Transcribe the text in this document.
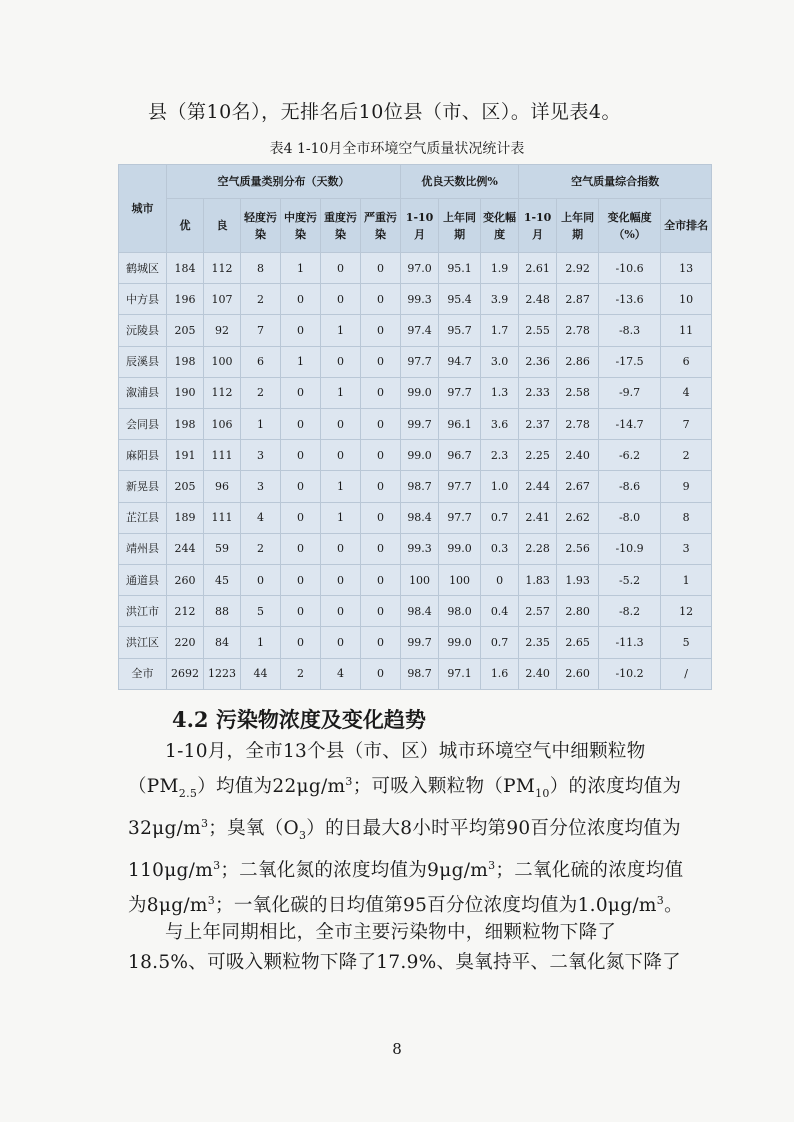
县（第10名），无排名后10位县（市、区）。详见表4。
表4 1-10月全市环境空气质量状况统计表
城市	空气质量类别分布（天数）						优良天数比例%			空气质量综合指数			
	优	良	轻度污染	中度污染	重度污染	严重污染	1-10月	上年同期	变化幅度	1-10月	上年同期	变化幅度（%）	全市排名
鹤城区	184	112	8	1	0	0	97.0	95.1	1.9	2.61	2.92	-10.6	13
中方县	196	107	2	0	0	0	99.3	95.4	3.9	2.48	2.87	-13.6	10
沅陵县	205	92	7	0	1	0	97.4	95.7	1.7	2.55	2.78	-8.3	11
辰溪县	198	100	6	1	0	0	97.7	94.7	3.0	2.36	2.86	-17.5	6
溆浦县	190	112	2	0	1	0	99.0	97.7	1.3	2.33	2.58	-9.7	4
会同县	198	106	1	0	0	0	99.7	96.1	3.6	2.37	2.78	-14.7	7
麻阳县	191	111	3	0	0	0	99.0	96.7	2.3	2.25	2.40	-6.2	2
新晃县	205	96	3	0	1	0	98.7	97.7	1.0	2.44	2.67	-8.6	9
芷江县	189	111	4	0	1	0	98.4	97.7	0.7	2.41	2.62	-8.0	8
靖州县	244	59	2	0	0	0	99.3	99.0	0.3	2.28	2.56	-10.9	3
通道县	260	45	0	0	0	0	100	100	0	1.83	1.93	-5.2	1
洪江市	212	88	5	0	0	0	98.4	98.0	0.4	2.57	2.80	-8.2	12
洪江区	220	84	1	0	0	0	99.7	99.0	0.7	2.35	2.65	-11.3	5
全市	2692	1223	44	2	4	0	98.7	97.1	1.6	2.40	2.60	-10.2	/
4.2 污染物浓度及变化趋势
1-10月，全市13个县（市、区）城市环境空气中细颗粒物$(PM_{2.5})$均值为$22\mu g/m^3$；可吸入颗粒物$(PM_{10})$的浓度均值为$32\mu g/m^3$；臭氧$(O_3)$的日最大8小时平均第90百分位浓度均值为$110\mu g/m^3$；二氧化氮的浓度均值为$9\mu g/m^3$；二氧化硫的浓度均值为$8\mu g/m^3$；一氧化碳的日均值第95百分位浓度均值为$1.0\mu g/m^3$。
与上年同期相比，全市主要污染物中，细颗粒物下降了18.5%、可吸入颗粒物下降了17.9%、臭氧持平、二氧化氮下降了
8
